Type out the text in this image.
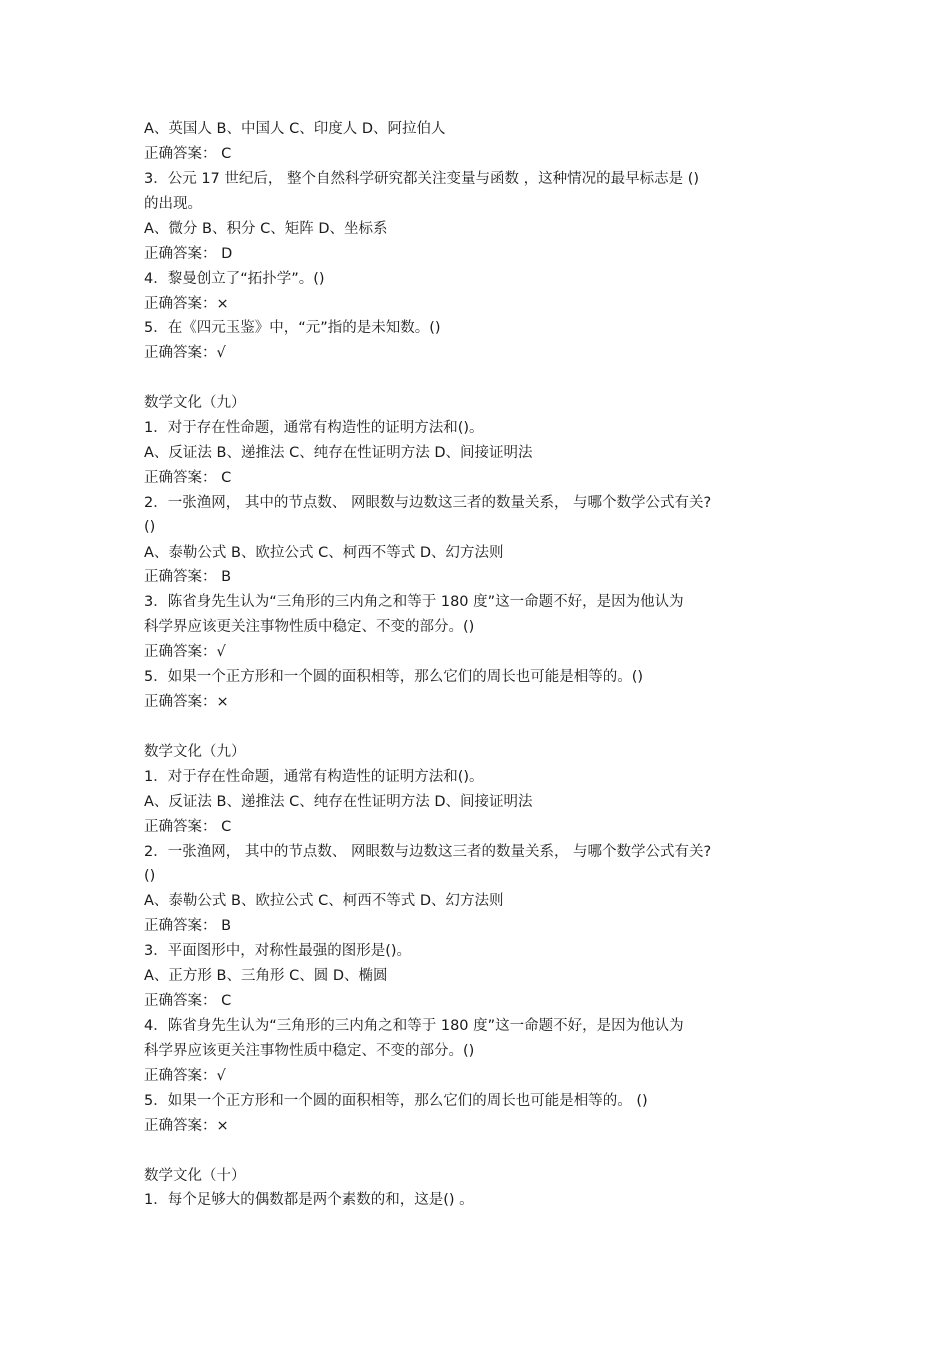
A、英国人 B、中国人 C、印度人 D、阿拉伯人
正确答案： C
3．公元 17 世纪后， 整个自然科学研究都关注变量与函数 ，这种情况的最早标志是 ()
的出现。
A、微分 B、积分 C、矩阵 D、坐标系
正确答案： D
4．黎曼创立了“拓扑学”。()
正确答案：×
5．在《四元玉鉴》中，“元”指的是未知数。()
正确答案：√
数学文化（九）
1．对于存在性命题，通常有构造性的证明方法和()。
A、反证法 B、递推法 C、纯存在性证明方法 D、间接证明法
正确答案： C
2．一张渔网， 其中的节点数、 网眼数与边数这三者的数量关系， 与哪个数学公式有关?
()
A、泰勒公式 B、欧拉公式 C、柯西不等式 D、幻方法则
正确答案： B
3．陈省身先生认为“三角形的三内角之和等于 180 度”这一命题不好，是因为他认为
科学界应该更关注事物性质中稳定、不变的部分。()
正确答案：√
5．如果一个正方形和一个圆的面积相等，那么它们的周长也可能是相等的。()
正确答案：×
数学文化（九）
1．对于存在性命题，通常有构造性的证明方法和()。
A、反证法 B、递推法 C、纯存在性证明方法 D、间接证明法
正确答案： C
2．一张渔网， 其中的节点数、 网眼数与边数这三者的数量关系， 与哪个数学公式有关?
()
A、泰勒公式 B、欧拉公式 C、柯西不等式 D、幻方法则
正确答案： B
3．平面图形中，对称性最强的图形是()。
A、正方形 B、三角形 C、圆 D、椭圆
正确答案： C
4．陈省身先生认为“三角形的三内角之和等于 180 度”这一命题不好，是因为他认为
科学界应该更关注事物性质中稳定、不变的部分。()
正确答案：√
5．如果一个正方形和一个圆的面积相等，那么它们的周长也可能是相等的。 ()
正确答案：×
数学文化（十）
1．每个足够大的偶数都是两个素数的和，这是() 。
